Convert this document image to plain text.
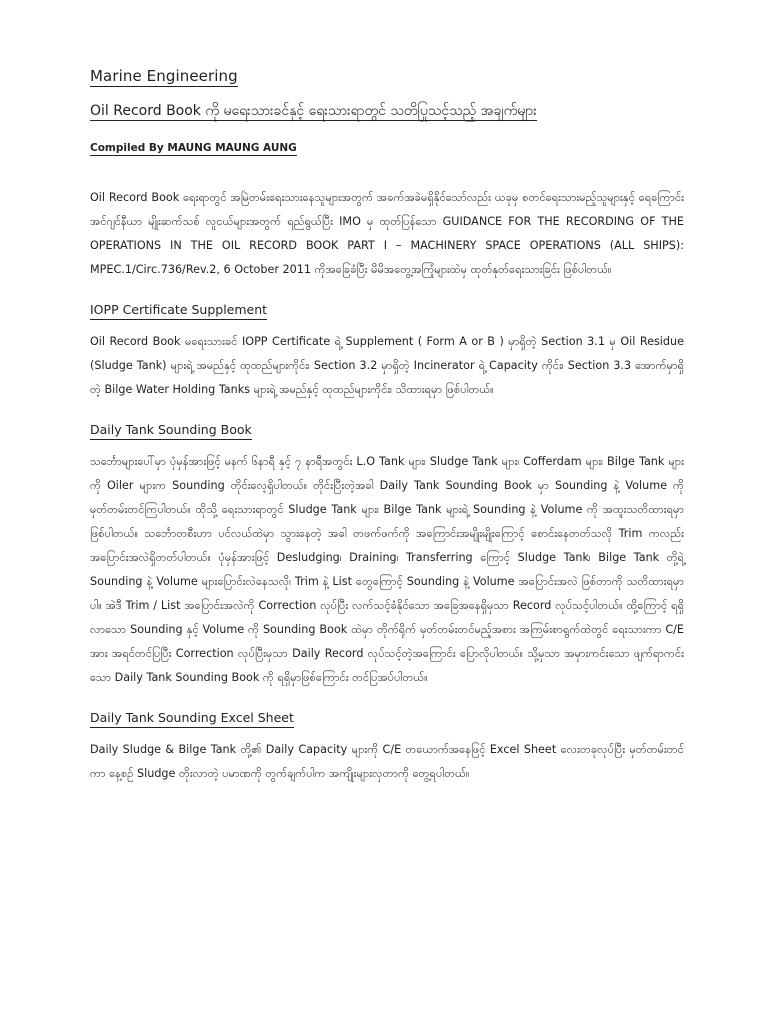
Marine Engineering
Oil Record Book ကို မရေးသားခင်နှင့် ရေးသားရာတွင် သတိပြုသင့်သည့် အချက်များ
Compiled By MAUNG MAUNG AUNG

Oil Record Book ရေးရာတွင် အမြဲတမ်းရေးသားနေသူများအတွက် အခက်အခဲမရှိနိုင်သော်လည်း ယခုမှ စတင်ရေးသားမည့်သူများနှင့် ရေကြောင်းအင်ဂျင်နီယာ မျိုးဆက်သစ် လူငယ်များအတွက် ရည်ရွယ်ပြီး IMO မှ ထုတ်ပြန်သော GUIDANCE FOR THE RECORDING OF THE OPERATIONS IN THE OIL RECORD BOOK PART I – MACHINERY SPACE OPERATIONS (ALL SHIPS): MPEC.1/Circ.736/Rev.2, 6 October 2011 ကိုအခြေခံပြီး မိမိအတွေ့အကြုံများထဲမှ ထုတ်နုတ်ရေးသားခြင်း ဖြစ်ပါတယ်။

IOPP Certificate Supplement

Oil Record Book မရေးသားခင် IOPP Certificate ရဲ့ Supplement ( Form A or B ) မှာရှိတဲ့ Section 3.1 မှ Oil Residue (Sludge Tank) များရဲ့ အမည်နှင့် ထုထည်များကိုင်း၊ Section 3.2 မှာရှိတဲ့ Incinerator ရဲ့ Capacity ကိုင်း၊ Section 3.3 အောက်မှာရှိတဲ့ Bilge Water Holding Tanks များရဲ့ အမည်နှင့် ထုထည်များကိုင်း၊ သိထားရမှာ ဖြစ်ပါတယ်။

Daily Tank Sounding Book

သင်္ဘောများပေါ်မှာ ပုံမှန်အားဖြင့် မနက် ၆နာရီ နှင့် ၇ နာရီအတွင်း L.O Tank များ၊ Sludge Tank များ၊ Cofferdam များ၊ Bilge Tank များကို Oiler များက Sounding တိုင်းလေ့ရှိပါတယ်။ တိုင်းပြီးတဲ့အခါ Daily Tank Sounding Book မှာ Sounding နဲ့ Volume ကို မှတ်တမ်းတင်ကြပါတယ်။ ထိုသို့ ရေးသားရာတွင် Sludge Tank များ၊ Bilge Tank များရဲ့ Sounding နဲ့ Volume ကို အထူးသတိထားရမှာ ဖြစ်ပါတယ်။ သင်္ဘောတစီးဟာ ပင်လယ်ထဲမှာ သွားနေတဲ့ အခါ တဖက်ဖက်ကို အကြောင်းအမျိုးမျိုးကြောင့် စောင်းနေတတ်သလို Trim ကလည်း အပြောင်းအလဲရှိတတ်ပါတယ်။ ပုံမှန်အားဖြင့် Desludging၊ Draining၊ Transferring ကြောင့် Sludge Tank၊ Bilge Tank တို့ရဲ့ Sounding နဲ့ Volume များပြောင်းလဲနေသလို၊ Trim နဲ့ List တွေကြောင့် Sounding နဲ့ Volume အပြောင်းအလဲ ဖြစ်တာကို သတိထားရမှာပါ။ အဲဒီ Trim / List အပြောင်းအလဲကို Correction လုပ်ပြီး လက်သင့်ခံနိုင်သော အခြေအနေရှိမှသာ Record လုပ်သင့်ပါတယ်။ ထို့ကြောင့် ရရှိလာသော Sounding နှင့် Volume ကို Sounding Book ထဲမှာ တိုက်ရိုက် မှတ်တမ်းတင်မည့်အစား အကြမ်းစာရွက်ထဲတွင် ရေးသားကာ C/E အား အရင်တင်ပြပြီး Correction လုပ်ပြီးမှသာ Daily Record လုပ်သင့်တဲ့အကြောင်း ပြောလိုပါတယ်။ သို့မှသာ အမှားကင်းသော ဖျက်ရာကင်းသော Daily Tank Sounding Book ကို ရရှိမှာဖြစ်ကြောင်း တင်ပြအပ်ပါတယ်။

Daily Tank Sounding Excel Sheet

Daily Sludge & Bilge Tank တို့၏ Daily Capacity များကို C/E တယောက်အနေဖြင့် Excel Sheet လေးတခုလုပ်ပြီး မှတ်တမ်းတင်ကာ နေ့စဉ် Sludge တိုးလာတဲ့ ပမာဏကို တွက်ချက်ပါက အကျိုးများလှတာကို တွေ့ရပါတယ်။
